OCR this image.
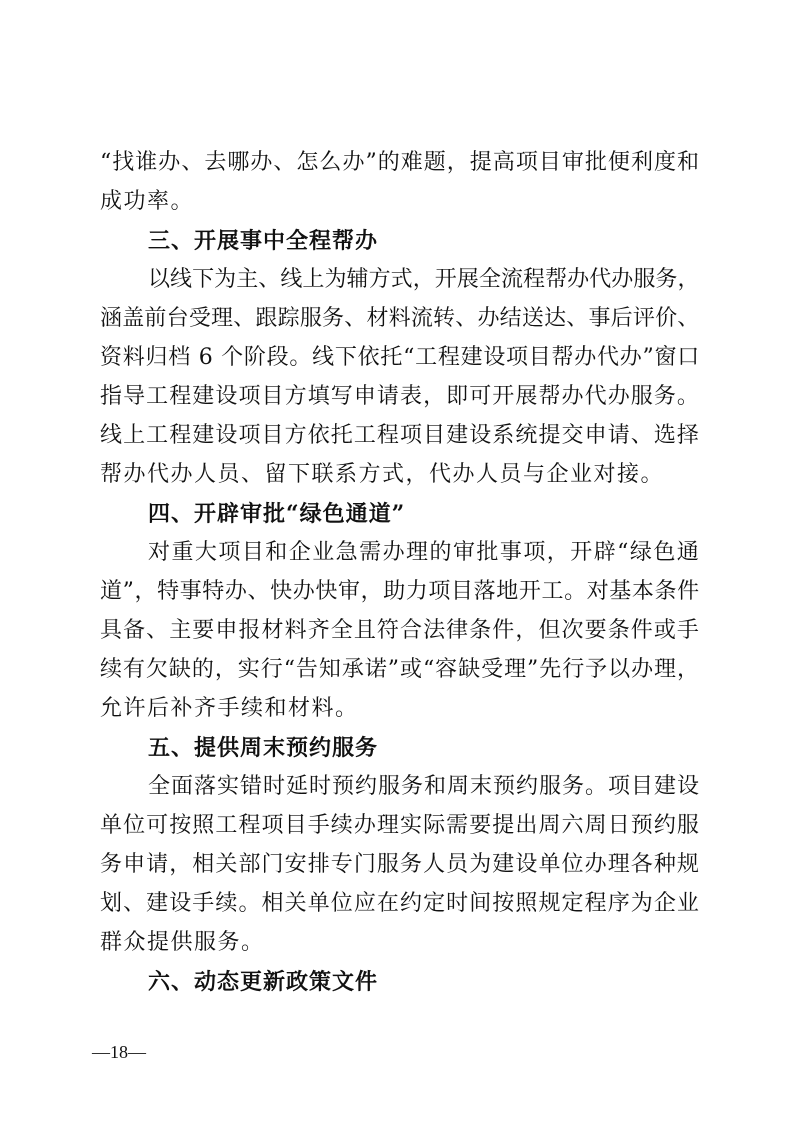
“找谁办、去哪办、怎么办”的难题，提高项目审批便利度和
成功率。
三、开展事中全程帮办
以线下为主、线上为辅方式，开展全流程帮办代办服务，
涵盖前台受理、跟踪服务、材料流转、办结送达、事后评价、
资料归档 6 个阶段。线下依托“工程建设项目帮办代办”窗口
指导工程建设项目方填写申请表，即可开展帮办代办服务。
线上工程建设项目方依托工程项目建设系统提交申请、选择
帮办代办人员、留下联系方式，代办人员与企业对接。
四、开辟审批“绿色通道”
对重大项目和企业急需办理的审批事项，开辟“绿色通
道”，特事特办、快办快审，助力项目落地开工。对基本条件
具备、主要申报材料齐全且符合法律条件，但次要条件或手
续有欠缺的，实行“告知承诺”或“容缺受理”先行予以办理，
允许后补齐手续和材料。
五、提供周末预约服务
全面落实错时延时预约服务和周末预约服务。项目建设
单位可按照工程项目手续办理实际需要提出周六周日预约服
务申请，相关部门安排专门服务人员为建设单位办理各种规
划、建设手续。相关单位应在约定时间按照规定程序为企业
群众提供服务。
六、动态更新政策文件
—18—
